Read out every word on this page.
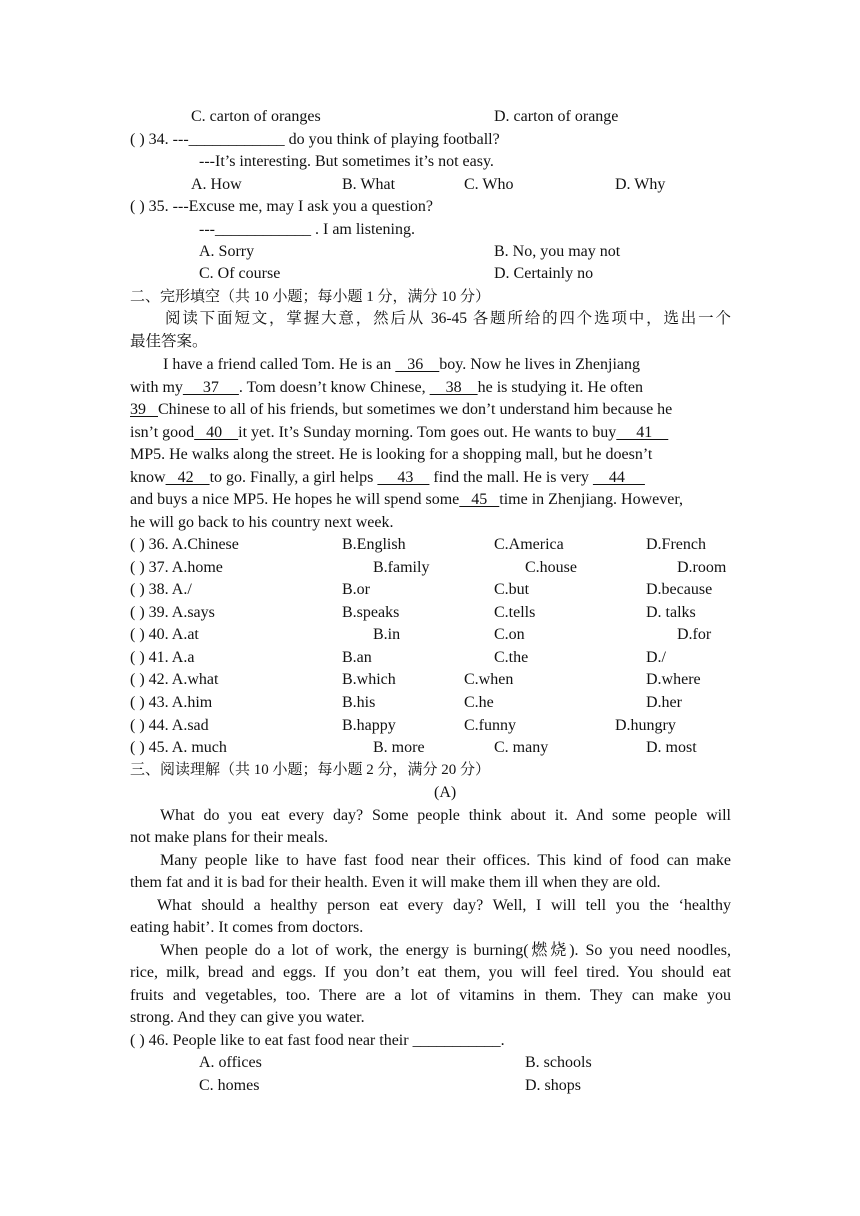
C. carton of oranges	D. carton of orange
( ) 34. ---____________ do you think of playing football?
---It’s interesting. But sometimes it’s not easy.
A. How	B. What	C. Who	D. Why
( ) 35. ---Excuse me, may I ask you a question?
---____________ . I am listening.
A. Sorry	B. No, you may not
C. Of course	D. Certainly no
二、完形填空（共 10 小题；每小题 1 分，满分 10 分）
阅读下面短文，掌握大意，然后从 36-45 各题所给的四个选项中，选出一个
最佳答案。
I have a friend called Tom. He is an    36    boy. Now he lives in Zhenjiang
with my     37     . Tom doesn’t know Chinese,     38    he is studying it. He often
39   Chinese to all of his friends, but sometimes we don’t understand him because he
isn’t good   40    it yet. It’s Sunday morning. Tom goes out. He wants to buy     41
MP5. He walks along the street. He is looking for a shopping mall, but he doesn’t
know   42    to go. Finally, a girl helps      43     find the mall. He is very     44
and buys a nice MP5. He hopes he will spend some   45   time in Zhenjiang. However,
he will go back to his country next week.
( ) 36. A.Chinese	B.English	C.America	D.French
( ) 37. A.home	B.family	C.house	D.room
( ) 38. A./	B.or	C.but	D.because
( ) 39. A.says	B.speaks	C.tells	D. talks
( ) 40. A.at	B.in	C.on	D.for
( ) 41. A.a	B.an	C.the	D./
( ) 42. A.what	B.which	C.when	D.where
( ) 43. A.him	B.his	C.he	D.her
( ) 44. A.sad	B.happy	C.funny	D.hungry
( ) 45. A. much	B. more	C. many	D. most
三、阅读理解（共 10 小题；每小题 2 分，满分 20 分）
(A)
What do you eat every day? Some people think about it. And some people will
not make plans for their meals.
Many people like to have fast food near their offices. This kind of food can make
them fat and it is bad for their health. Even it will make them ill when they are old.
What should a healthy person eat every day? Well, I will tell you the ‘healthy
eating habit’. It comes from doctors.
When people do a lot of work, the energy is burning(燃烧). So you need noodles,
rice, milk, bread and eggs. If you don’t eat them, you will feel tired. You should eat
fruits and vegetables, too. There are a lot of vitamins in them. They can make you
strong. And they can give you water.
( ) 46. People like to eat fast food near their ___________.
A. offices	B. schools
C. homes	D. shops
